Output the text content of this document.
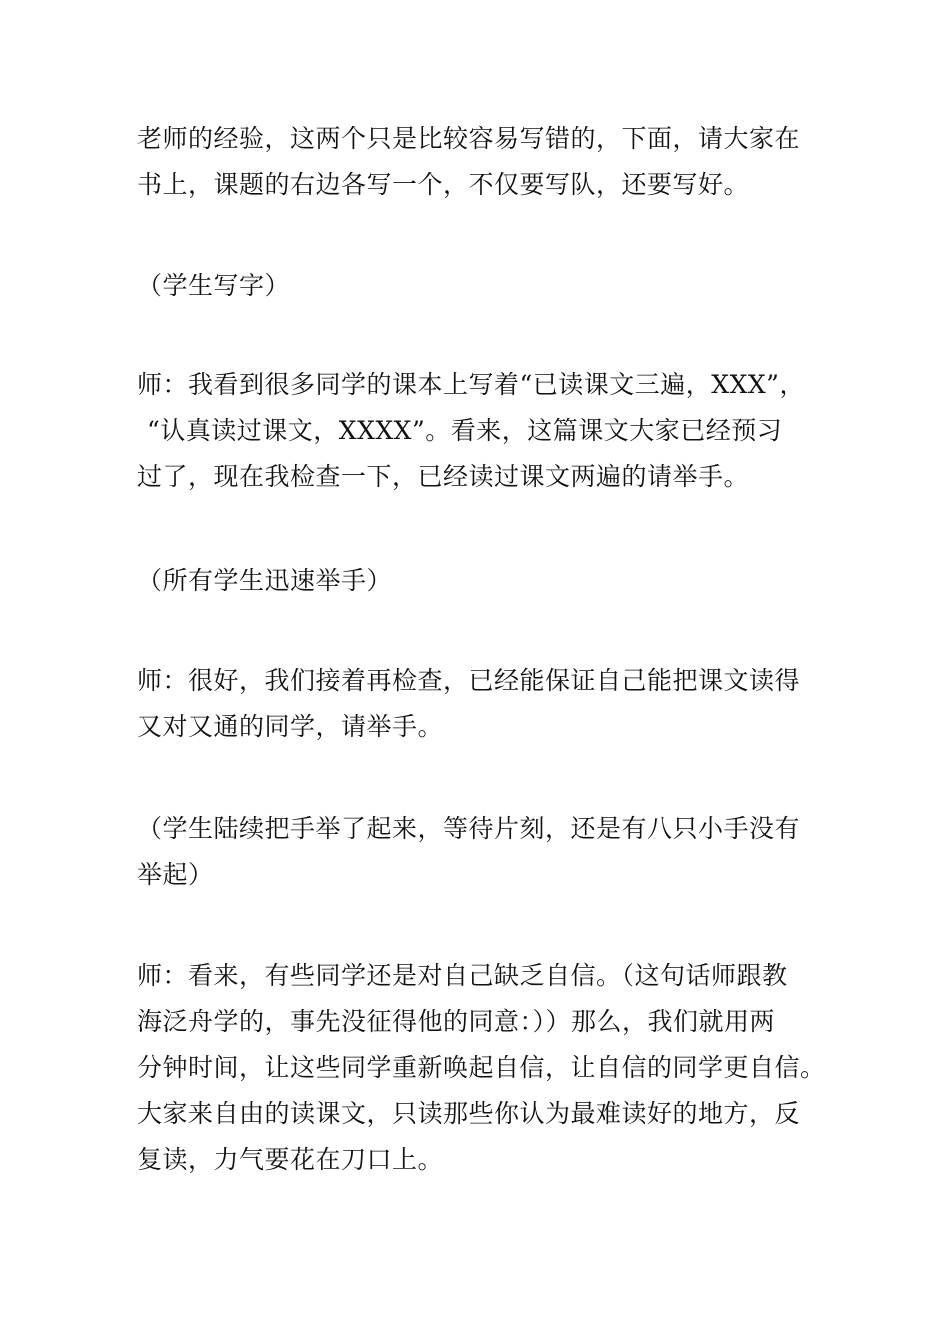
老师的经验，这两个只是比较容易写错的，下面，请大家在
书上，课题的右边各写一个，不仅要写队，还要写好。

（学生写字）

师：我看到很多同学的课本上写着“已读课文三遍，XXX”，
“认真读过课文，XXXX”。看来，这篇课文大家已经预习
过了，现在我检查一下，已经读过课文两遍的请举手。

（所有学生迅速举手）

师：很好，我们接着再检查，已经能保证自己能把课文读得
又对又通的同学，请举手。

（学生陆续把手举了起来，等待片刻，还是有八只小手没有
举起）

师：看来，有些同学还是对自己缺乏自信。（这句话师跟教
海泛舟学的，事先没征得他的同意：））那么，我们就用两
分钟时间，让这些同学重新唤起自信，让自信的同学更自信。
大家来自由的读课文，只读那些你认为最难读好的地方，反
复读，力气要花在刀口上。
